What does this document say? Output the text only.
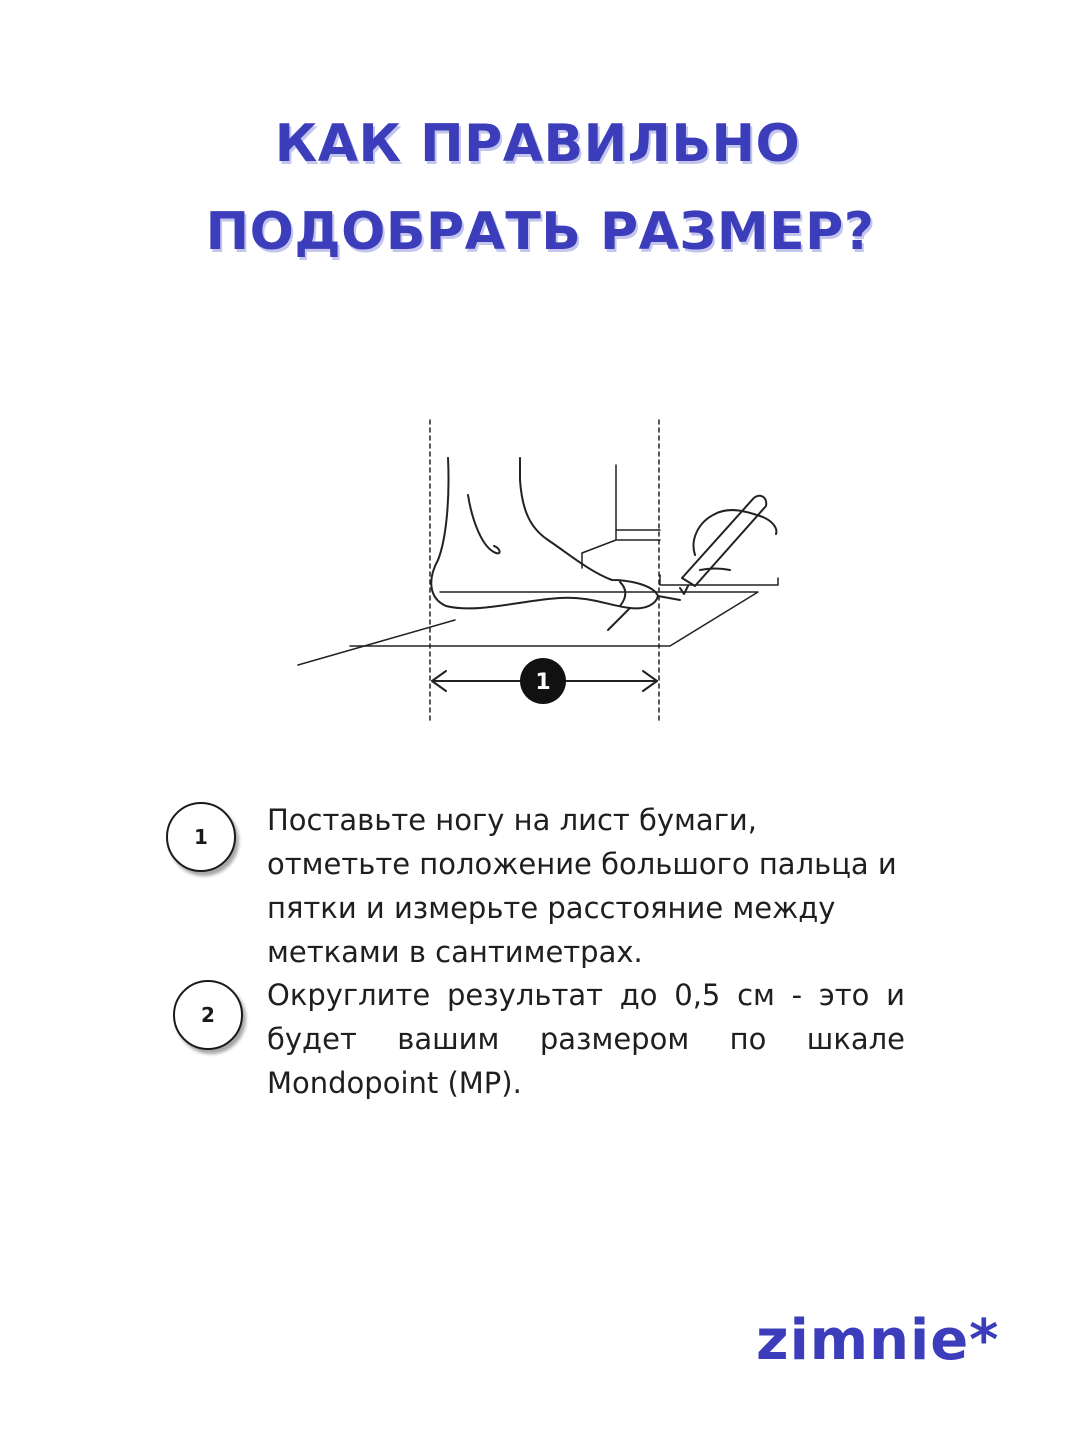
КАК ПРАВИЛЬНО
ПОДОБРАТЬ РАЗМЕР?
1
1	Поставьте ногу на лист бумаги, отметьте положение большого пальца и пятки и измерьте расстояние между метками в сантиметрах.

2

Округлите результат до 0,5 см - это и будет вашим размером по шкале Mondopoint (MP).

zimnie*
